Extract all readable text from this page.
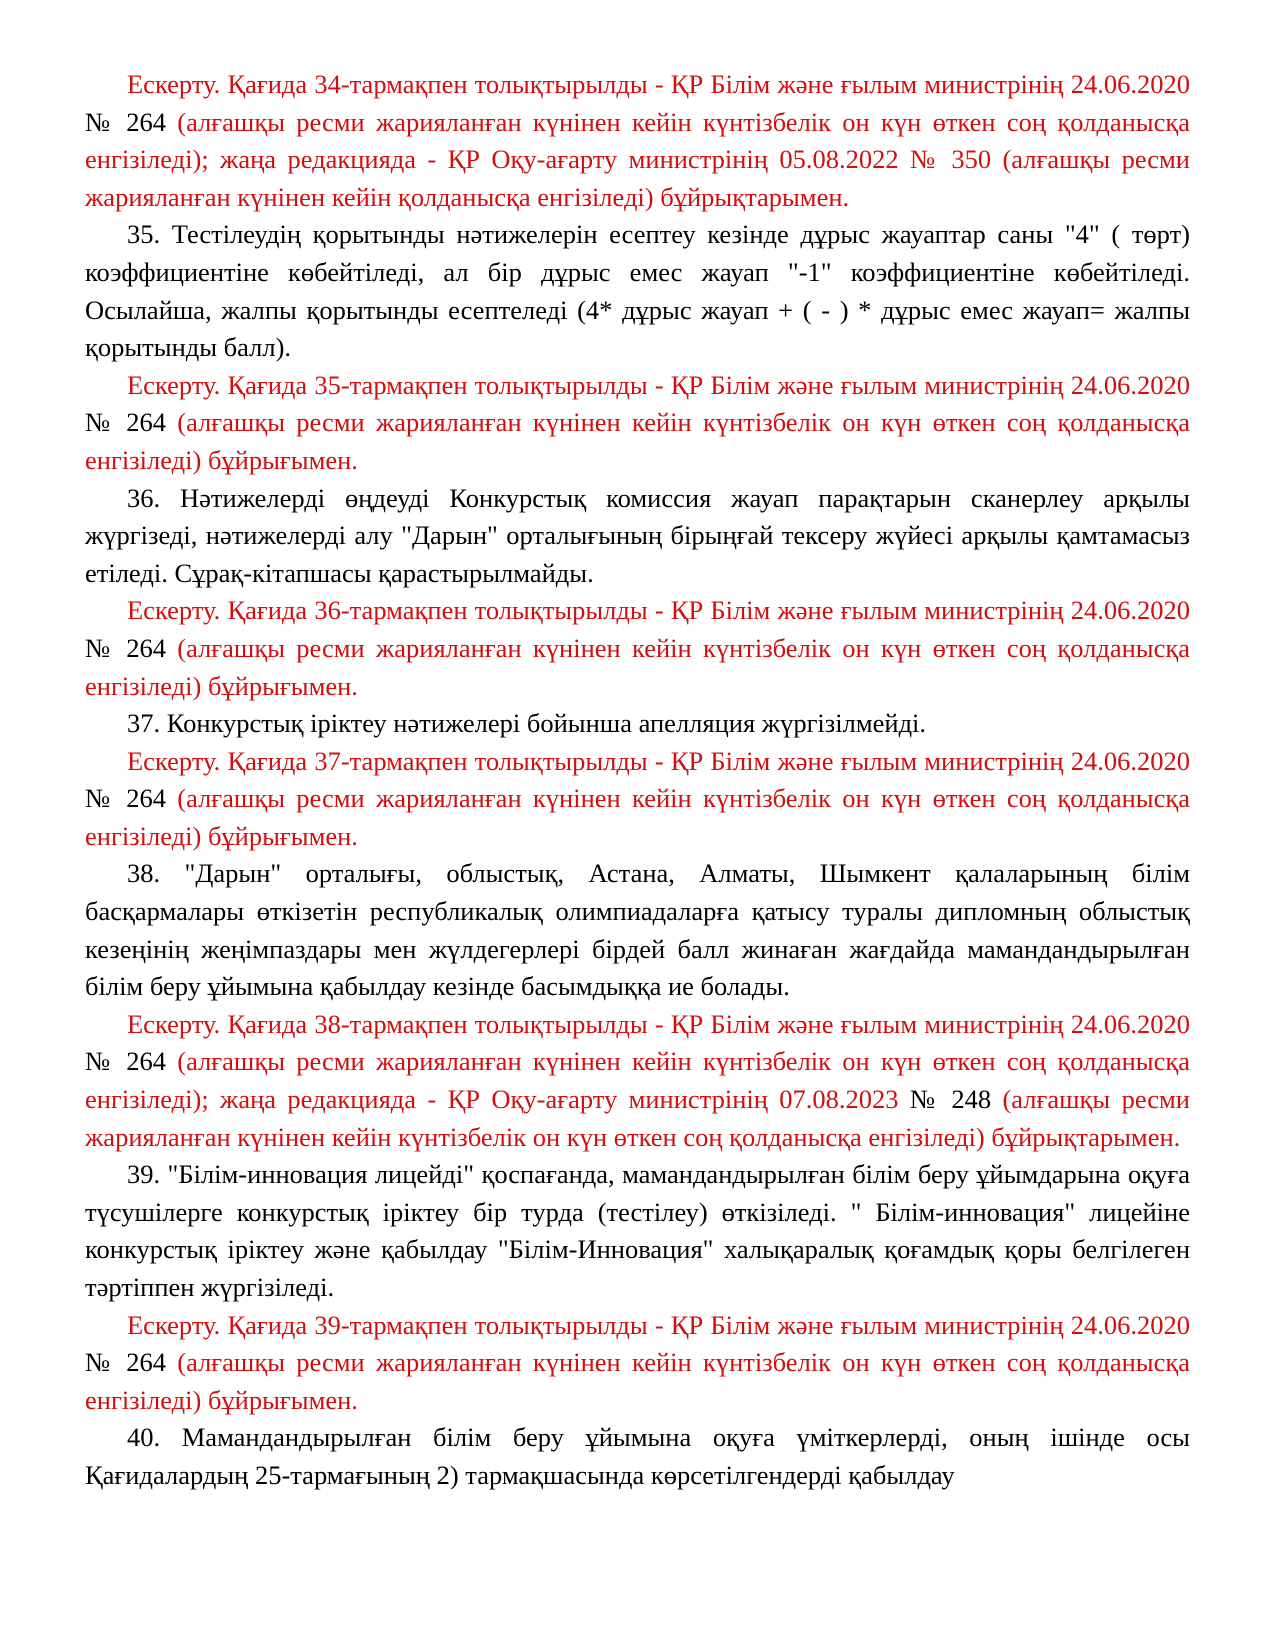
Ескерту. Қағида 34-тармақпен толықтырылды - ҚР Білім және ғылым министрінің 24.06.2020 № 264 (алғашқы ресми жарияланған күнінен кейін күнтізбелік он күн өткен соң қолданысқа енгізіледі); жаңа редакцияда - ҚР Оқу-ағарту министрінің 05.08.2022 № 350 (алғашқы ресми жарияланған күнінен кейін қолданысқа енгізіледі) бұйрықтарымен.

35. Тестілеудің қорытынды нәтижелерін есептеу кезінде дұрыс жауаптар саны "4" ( төрт) коэффициентіне көбейтіледі, ал бір дұрыс емес жауап "-1" коэффициентіне көбейтіледі. Осылайша, жалпы қорытынды есептеледі (4* дұрыс жауап + ( - ) * дұрыс емес жауап= жалпы қорытынды балл).

Ескерту. Қағида 35-тармақпен толықтырылды - ҚР Білім және ғылым министрінің 24.06.2020 № 264 (алғашқы ресми жарияланған күнінен кейін күнтізбелік он күн өткен соң қолданысқа енгізіледі) бұйрығымен.

36. Нәтижелерді өңдеуді Конкурстық комиссия жауап парақтарын сканерлеу арқылы жүргізеді, нәтижелерді алу "Дарын" орталығының бірыңғай тексеру жүйесі арқылы қамтамасыз етіледі. Сұрақ-кітапшасы қарастырылмайды.

Ескерту. Қағида 36-тармақпен толықтырылды - ҚР Білім және ғылым министрінің 24.06.2020 № 264 (алғашқы ресми жарияланған күнінен кейін күнтізбелік он күн өткен соң қолданысқа енгізіледі) бұйрығымен.

37. Конкурстық іріктеу нәтижелері бойынша апелляция жүргізілмейді.

Ескерту. Қағида 37-тармақпен толықтырылды - ҚР Білім және ғылым министрінің 24.06.2020 № 264 (алғашқы ресми жарияланған күнінен кейін күнтізбелік он күн өткен соң қолданысқа енгізіледі) бұйрығымен.

38. "Дарын" орталығы, облыстық, Астана, Алматы, Шымкент қалаларының білім басқармалары өткізетін республикалық олимпиадаларға қатысу туралы дипломның облыстық кезеңінің жеңімпаздары мен жүлдегерлері бірдей балл жинаған жағдайда мамандандырылған білім беру ұйымына қабылдау кезінде басымдыққа ие болады.

Ескерту. Қағида 38-тармақпен толықтырылды - ҚР Білім және ғылым министрінің 24.06.2020 № 264 (алғашқы ресми жарияланған күнінен кейін күнтізбелік он күн өткен соң қолданысқа енгізіледі); жаңа редакцияда - ҚР Оқу-ағарту министрінің 07.08.2023 № 248 (алғашқы ресми жарияланған күнінен кейін күнтізбелік он күн өткен соң қолданысқа енгізіледі) бұйрықтарымен.

39. "Білім-инновация лицейді" қоспағанда, мамандандырылған білім беру ұйымдарына оқуға түсушілерге конкурстық іріктеу бір турда (тестілеу) өткізіледі. " Білім-инновация" лицейіне конкурстық іріктеу және қабылдау "Білім-Инновация" халықаралық қоғамдық қоры белгілеген тәртіппен жүргізіледі.

Ескерту. Қағида 39-тармақпен толықтырылды - ҚР Білім және ғылым министрінің 24.06.2020 № 264 (алғашқы ресми жарияланған күнінен кейін күнтізбелік он күн өткен соң қолданысқа енгізіледі) бұйрығымен.

40. Мамандандырылған білім беру ұйымына оқуға үміткерлерді, оның ішінде осы Қағидалардың 25-тармағының 2) тармақшасында көрсетілгендерді қабылдау
